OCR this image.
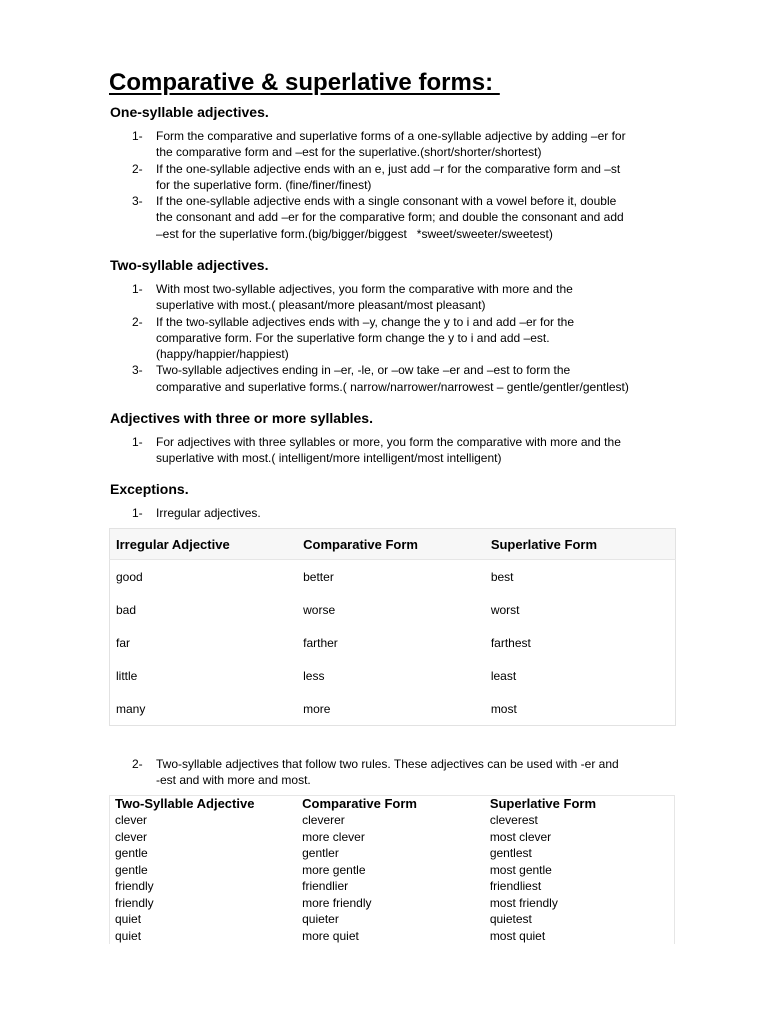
Comparative & superlative forms:
One-syllable adjectives.
1- Form the comparative and superlative forms of a one-syllable adjective by adding –er for
the comparative form and –est for the superlative.(short/shorter/shortest)
2- If the one-syllable adjective ends with an e, just add –r for the comparative form and –st
for the superlative form. (fine/finer/finest)
3- If the one-syllable adjective ends with a single consonant with a vowel before it, double
the consonant and add –er for the comparative form; and double the consonant and add
–est for the superlative form.(big/bigger/biggest   *sweet/sweeter/sweetest)
Two-syllable adjectives.
1- With most two-syllable adjectives, you form the comparative with more and the
superlative with most.( pleasant/more pleasant/most pleasant)
2- If the two-syllable adjectives ends with –y, change the y to i and add –er for the
comparative form. For the superlative form change the y to i and add –est.
(happy/happier/happiest)
3- Two-syllable adjectives ending in –er, -le, or –ow take –er and –est to form the
comparative and superlative forms.( narrow/narrower/narrowest – gentle/gentler/gentlest)
Adjectives with three or more syllables.
1- For adjectives with three syllables or more, you form the comparative with more and the
superlative with most.( intelligent/more intelligent/most intelligent)
Exceptions.
1- Irregular adjectives.
Irregular Adjective	Comparative Form	Superlative Form
good	better	best
bad	worse	worst
far	farther	farthest
little	less	least
many	more	most
2- Two-syllable adjectives that follow two rules. These adjectives can be used with -er and
-est and with more and most.
Two-Syllable Adjective	Comparative Form	Superlative Form
clever	cleverer	cleverest
clever	more clever	most clever
gentle	gentler	gentlest
gentle	more gentle	most gentle
friendly	friendlier	friendliest
friendly	more friendly	most friendly
quiet	quieter	quietest
quiet	more quiet	most quiet
